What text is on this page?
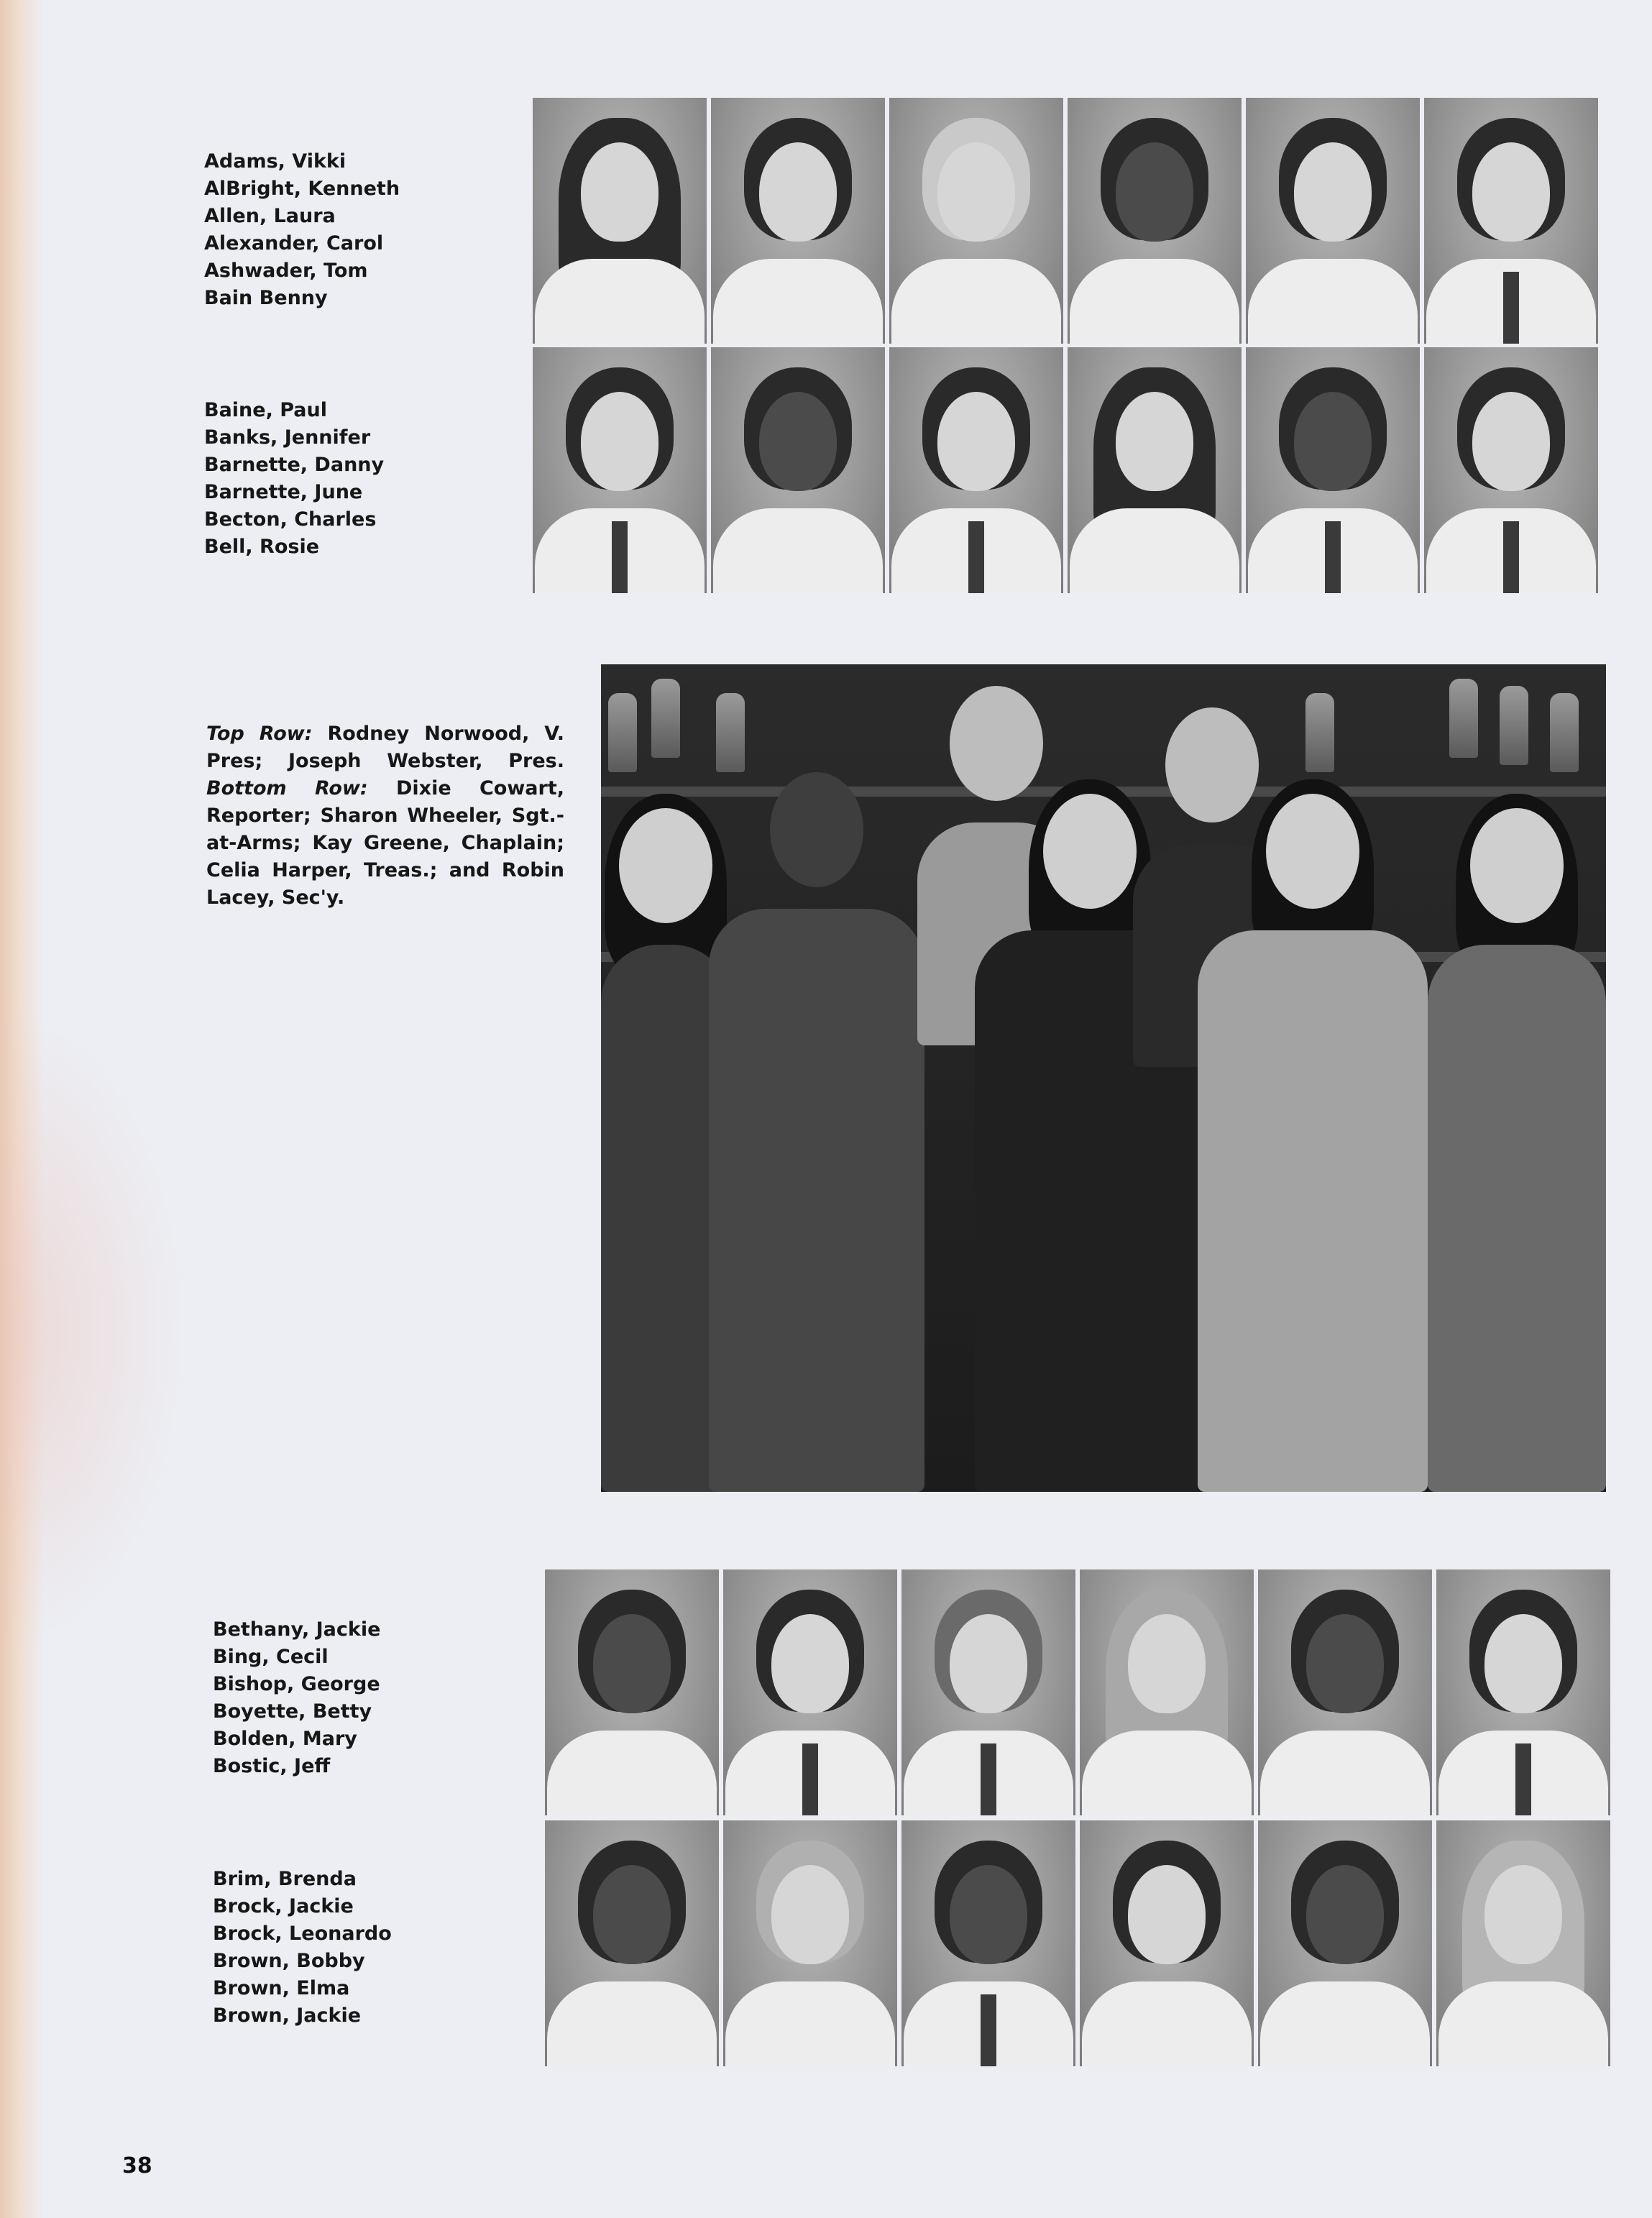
Adams, Vikki
AlBright, Kenneth
Allen, Laura
Alexander, Carol
Ashwader, Tom
Bain Benny
Baine, Paul
Banks, Jennifer
Barnette, Danny
Barnette, June
Becton, Charles
Bell, Rosie

Top Row: Rodney Norwood, V. Pres; Joseph Webster, Pres. Bottom Row: Dixie Cowart, Reporter; Sharon Wheeler, Sgt.-at-Arms; Kay Greene, Chaplain; Celia Harper, Treas.; and Robin Lacey, Sec'y.

Bethany, Jackie
Bing, Cecil
Bishop, George
Boyette, Betty
Bolden, Mary
Bostic, Jeff
Brim, Brenda
Brock, Jackie
Brock, Leonardo
Brown, Bobby
Brown, Elma
Brown, Jackie

38
